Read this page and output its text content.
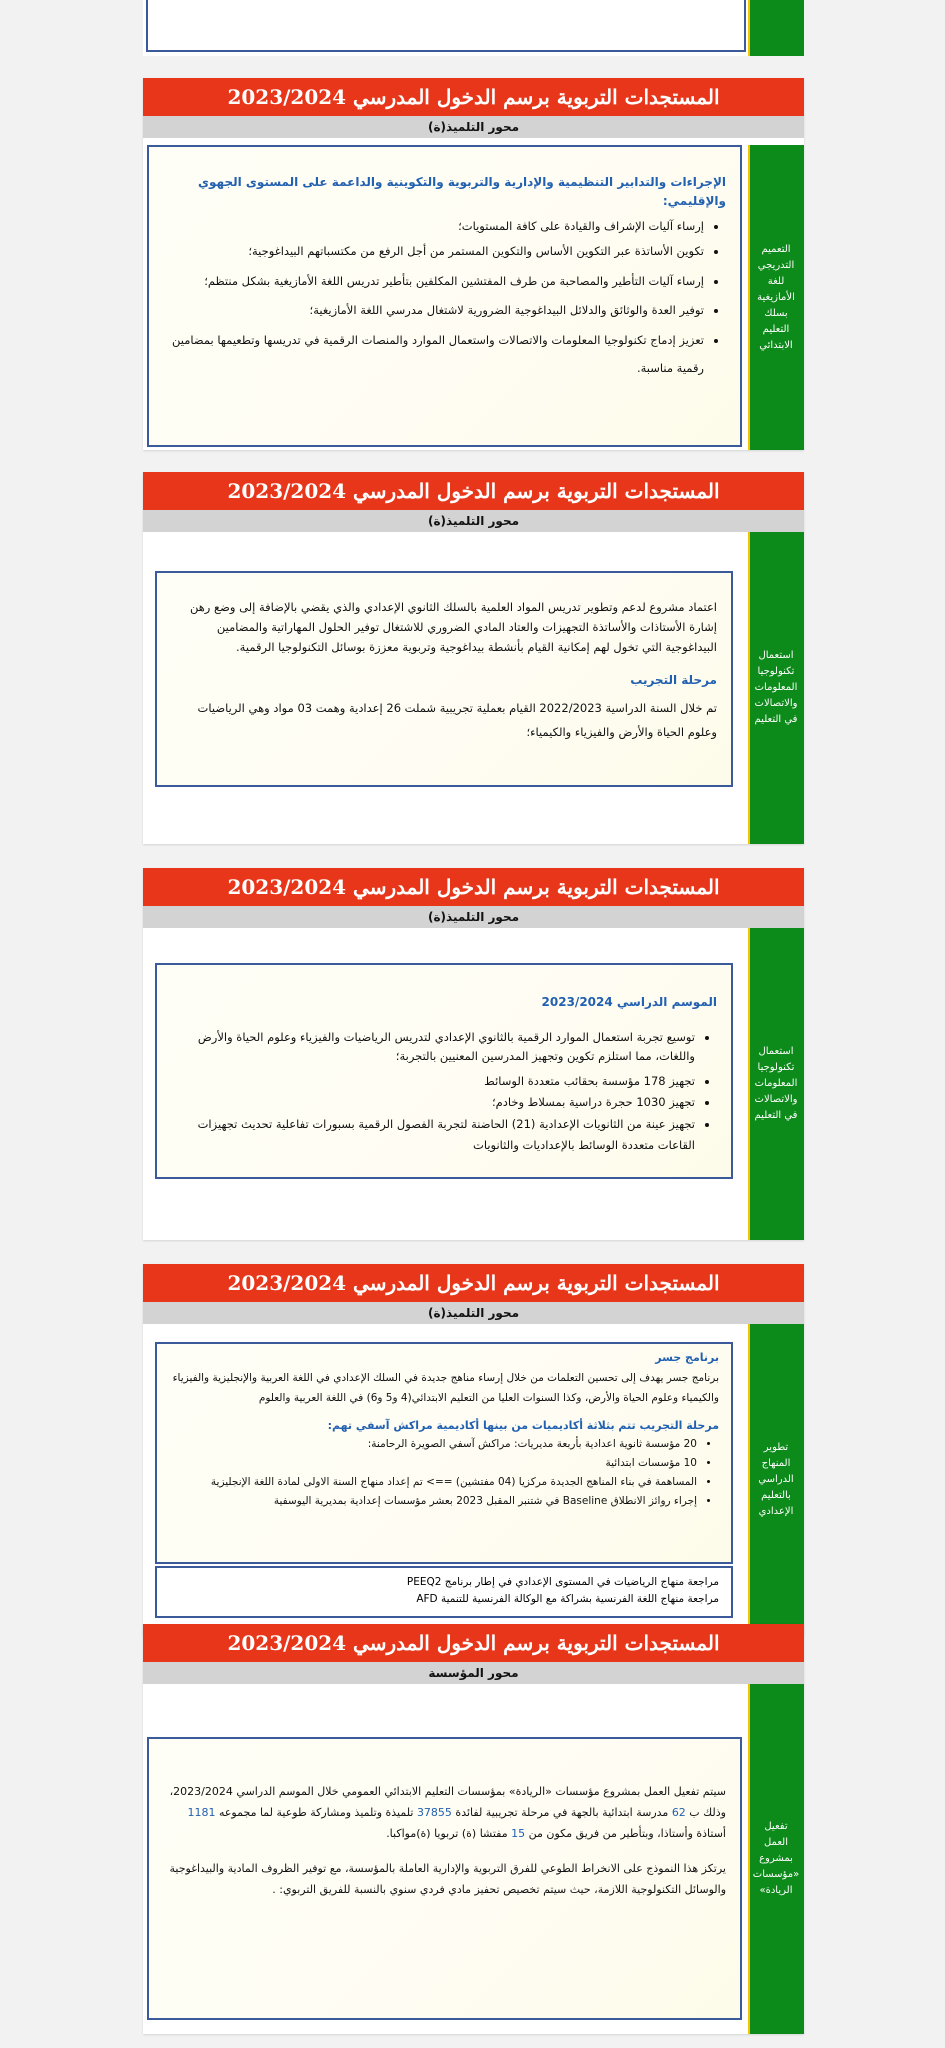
المستجدات التربوية برسم الدخول المدرسي 2023/2024
محور التلميذ(ة)
الإجراءات والتدابير التنظيمية والإدارية والتربوية والتكوينية والداعمة على المستوى الجهوي والإقليمي:
• إرساء آليات الإشراف والقيادة على كافة المستويات؛
• تكوين الأساتذة عبر التكوين الأساس والتكوين المستمر من أجل الرفع من مكتسباتهم البيداغوجية؛
• إرساء آليات التأطير والمصاحبة من طرف المفتشين المكلفين بتأطير تدريس اللغة الأمازيغية بشكل منتظم؛
• توفير العدة والوثائق والدلائل البيداغوجية الضرورية لاشتغال مدرسي اللغة الأمازيغية؛
• تعزيز إدماج تكنولوجيا المعلومات والاتصالات واستعمال الموارد والمنصات الرقمية في تدريسها وتطعيمها بمضامين رقمية مناسبة.
التعميم التدريجي للغة الأمازيغية بسلك التعليم الابتدائي
المستجدات التربوية برسم الدخول المدرسي 2023/2024
محور التلميذ(ة)
اعتماد مشروع لدعم وتطوير تدريس المواد العلمية بالسلك الثانوي الإعدادي والذي يقضي بالإضافة إلى وضع رهن إشارة الأستاذات والأساتذة التجهيزات والعتاد المادي الضروري للاشتغال توفير الحلول المهاراتية والمضامين البيداغوجية التي تخول لهم إمكانية القيام بأنشطة بيداغوجية وتربوية معززة بوسائل التكنولوجيا الرقمية.
مرحلة التجريب
تم خلال السنة الدراسية 2022/2023 القيام بعملية تجريبية شملت 26 إعدادية وهمت 03 مواد وهي الرياضيات وعلوم الحياة والأرض والفيزياء والكيمياء؛
استعمال تكنولوجيا المعلومات والاتصالات في التعليم
المستجدات التربوية برسم الدخول المدرسي 2023/2024
محور التلميذ(ة)
الموسم الدراسي 2023/2024
• توسيع تجربة استعمال الموارد الرقمية بالثانوي الإعدادي لتدريس الرياضيات والفيزياء وعلوم الحياة والأرض واللغات، مما استلزم تكوين وتجهيز المدرسين المعنيين بالتجربة؛
• تجهيز 178 مؤسسة بحقائب متعددة الوسائط
• تجهيز 1030 حجرة دراسية بمسلاط وخادم؛
• تجهيز عينة من الثانويات الإعدادية (21) الحاضنة لتجربة الفصول الرقمية بسبورات تفاعلية تحديث تجهيزات القاعات متعددة الوسائط بالإعداديات والثانويات
استعمال تكنولوجيا المعلومات والاتصالات في التعليم
المستجدات التربوية برسم الدخول المدرسي 2023/2024
محور التلميذ(ة)
برنامج جسر
برنامج جسر يهدف إلى تحسين التعلمات من خلال إرساء مناهج جديدة في السلك الإعدادي في اللغة العربية والإنجليزية والفيزياء والكيمياء وعلوم الحياة والأرض، وكذا السنوات العليا من التعليم الابتدائي(4 و5 و6) في اللغة العربية والعلوم
مرحلة التجريب تتم بثلاثة أكاديميات من بينها أكاديمية مراكش آسفي تهم:
• 20 مؤسسة ثانوية اعدادية بأربعة مديريات: مراكش آسفي الصويرة الرحامنة:
• 10 مؤسسات ابتدائية
• المساهمة في بناء المناهج الجديدة مركزيا (04 مفتشين) ==> تم إعداد منهاج السنة الاولى لمادة اللغة الإنجليزية
• إجراء روائز الانطلاق Baseline في شتنبر المقبل 2023 بعشر مؤسسات إعدادية بمديرية اليوسفية
مراجعة منهاج الرياضيات في المستوى الإعدادي في إطار برنامج PEEQ2
مراجعة منهاج اللغة الفرنسية بشراكة مع الوكالة الفرنسية للتنمية AFD
تطوير المنهاج الدراسي بالتعليم الإعدادي
المستجدات التربوية برسم الدخول المدرسي 2023/2024
محور المؤسسة
سيتم تفعيل العمل بمشروع مؤسسات «الريادة» بمؤسسات التعليم الابتدائي العمومي خلال الموسم الدراسي 2023/2024، وذلك ب 62 مدرسة ابتدائية بالجهة في مرحلة تجريبية لفائدة 37855 تلميذة وتلميذ ومشاركة طوعية لما مجموعه 1181 أستاذة وأستاذا، وبتأطير من فريق مكون من 15 مفتشا (ة) تربويا (ة)مواكبا.
يرتكز هذا النموذج على الانخراط الطوعي للفرق التربوية والإدارية العاملة بالمؤسسة، مع توفير الظروف المادية والبيداغوجية والوسائل التكنولوجية اللازمة، حيث سيتم تخصيص تحفيز مادي فردي سنوي بالنسبة للفريق التربوي: .
تفعيل العمل بمشروع «مؤسسات الريادة»
